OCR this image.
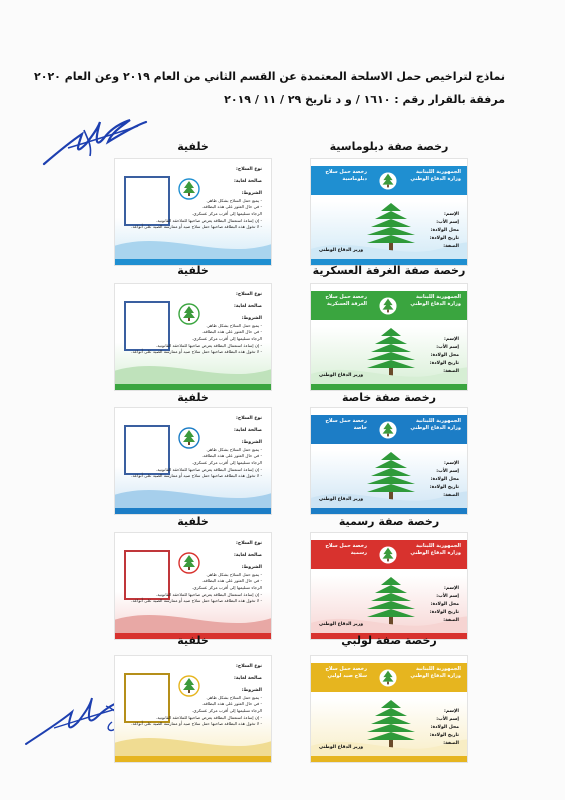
نماذج لتراخيص حمل الاسلحة المعتمدة عن القسم الثاني من العام ٢٠١٩ وعن العام ٢٠٢٠
مرفقة بالقرار رقم : ١٦١٠ / و د تاريخ ٢٩ / ١١ / ٢٠١٩
رخصة صفة دبلوماسية
خلفية
الجمهورية اللبنانية
وزارة الدفاع الوطني
رخصة حمل سلاح دبلوماسية
الإسم:
إسم الأب:
محل الولادة:
تاريخ الولادة:
الصفة:
وزير الدفاع الوطني
نوع السلاح:
صالحة لغاية:
الشروط:
- يمنع حمل السلاح بشكل ظاهر.
- في حال العثور على هذه البطاقة،
الرجاء تسليمها إلى أقرب مركز عسكري.
- إن إساءة استعمال البطاقة يعرض صاحبها للملاحقة القانونية.
- لا تخول هذه البطاقة صاحبها حمل سلاح صيد أو ممارسة الصيد على أنواعه.
رخصة صفة الغرفة العسكرية
خلفية
الجمهورية اللبنانية
وزارة الدفاع الوطني
رخصة حمل سلاح الغرفة العسكرية
الإسم:
إسم الأب:
محل الولادة:
تاريخ الولادة:
الصفة:
وزير الدفاع الوطني
نوع السلاح:
صالحة لغاية:
الشروط:
- يمنع حمل السلاح بشكل ظاهر.
- في حال العثور على هذه البطاقة،
الرجاء تسليمها إلى أقرب مركز عسكري.
- إن إساءة استعمال البطاقة يعرض صاحبها للملاحقة القانونية.
- لا تخول هذه البطاقة صاحبها حمل سلاح صيد أو ممارسة الصيد على أنواعه.
رخصة صفة خاصة
خلفية
الجمهورية اللبنانية
وزارة الدفاع الوطني
رخصة حمل سلاح خاصة
الإسم:
إسم الأب:
محل الولادة:
تاريخ الولادة:
الصفة:
وزير الدفاع الوطني
نوع السلاح:
صالحة لغاية:
الشروط:
- يمنع حمل السلاح بشكل ظاهر.
- في حال العثور على هذه البطاقة،
الرجاء تسليمها إلى أقرب مركز عسكري.
- إن إساءة استعمال البطاقة يعرض صاحبها للملاحقة القانونية.
- لا تخول هذه البطاقة صاحبها حمل سلاح صيد أو ممارسة الصيد على أنواعه.
رخصة صفة رسمية
خلفية
الجمهورية اللبنانية
وزارة الدفاع الوطني
رخصة حمل سلاح رسمية
الإسم:
إسم الأب:
محل الولادة:
تاريخ الولادة:
الصفة:
وزير الدفاع الوطني
نوع السلاح:
صالحة لغاية:
الشروط:
- يمنع حمل السلاح بشكل ظاهر.
- في حال العثور على هذه البطاقة،
الرجاء تسليمها إلى أقرب مركز عسكري.
- إن إساءة استعمال البطاقة يعرض صاحبها للملاحقة القانونية.
- لا تخول هذه البطاقة صاحبها حمل سلاح صيد أو ممارسة الصيد على أنواعه.
رخصة صفة لولبي
خلفية
الجمهورية اللبنانية
وزارة الدفاع الوطني
رخصة حمل سلاح سلاح صيد لولبي
الإسم:
إسم الأب:
محل الولادة:
تاريخ الولادة:
الصفة:
وزير الدفاع الوطني
نوع السلاح:
صالحة لغاية:
الشروط:
- يمنع حمل السلاح بشكل ظاهر.
- في حال العثور على هذه البطاقة،
الرجاء تسليمها إلى أقرب مركز عسكري.
- إن إساءة استعمال البطاقة يعرض صاحبها للملاحقة القانونية.
- لا تخول هذه البطاقة صاحبها حمل سلاح صيد أو ممارسة الصيد على أنواعه.
